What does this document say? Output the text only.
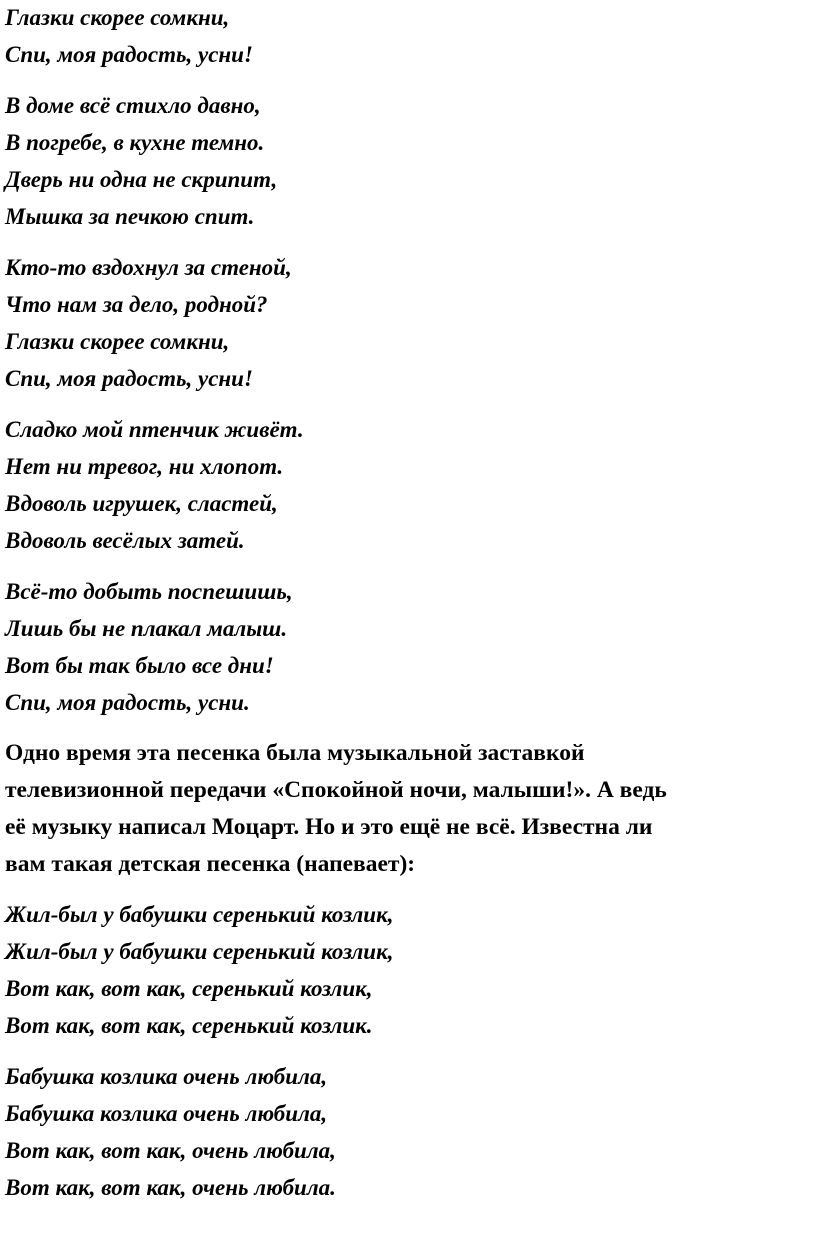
Глазки скорее сомкни,
Спи, моя радость, усни!
В доме всё стихло давно,
В погребе, в кухне темно.
Дверь ни одна не скрипит,
Мышка за печкою спит.
Кто-то вздохнул за стеной,
Что нам за дело, родной?
Глазки скорее сомкни,
Спи, моя радость, усни!
Сладко мой птенчик живёт.
Нет ни тревог, ни хлопот.
Вдоволь игрушек, сластей,
Вдоволь весёлых затей.
Всё-то добыть поспешишь,
Лишь бы не плакал малыш.
Вот бы так было все дни!
Спи, моя радость, усни.
Одно время эта песенка была музыкальной заставкой
телевизионной передачи «Спокойной ночи, малыши!». А ведь
её музыку написал Моцарт. Но и это ещё не всё. Известна ли
вам такая детская песенка (напевает):
Жил-был у бабушки серенький козлик,
Жил-был у бабушки серенький козлик,
Вот как, вот как, серенький козлик,
Вот как, вот как, серенький козлик.
Бабушка козлика очень любила,
Бабушка козлика очень любила,
Вот как, вот как, очень любила,
Вот как, вот как, очень любила.
